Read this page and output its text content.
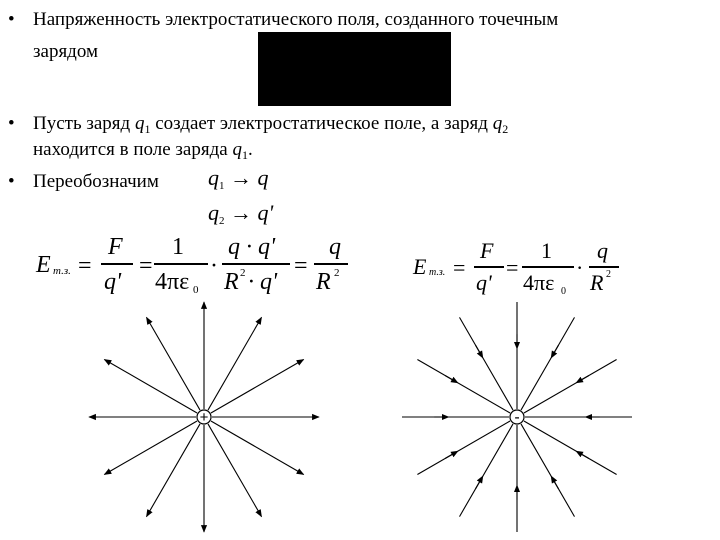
• Напряженность электростатического поля, созданного точечным
зарядом
• Пусть заряд $q_1$ создает электростатическое поле, а заряд $q_2$
находится в поле заряда $q_1$.
• Переобозначим $q_1 \to q$
$q_2 \to q'$
E т.з. =
F
q'
=
1
4πε 0
·
q · q'
R 2 · q'
=
q
R 2	E т.з. =
F
q'
=
1
4πε 0
·
q
R 2
+	-
